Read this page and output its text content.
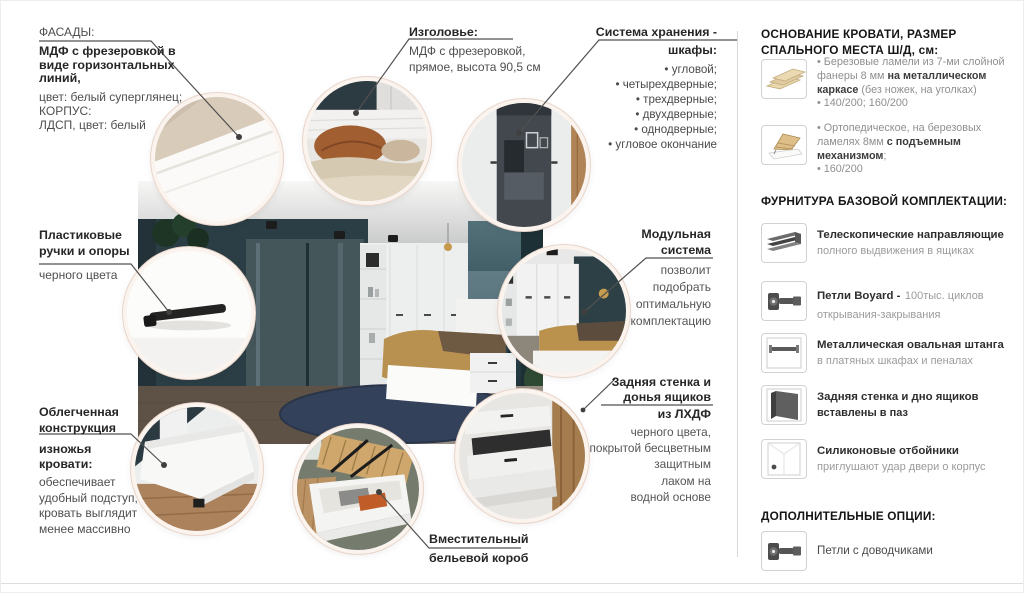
ФАСАДЫ:
МДФ с фрезеровкой в
виде горизонтальных
линий,
цвет: белый суперглянец;
КОРПУС:
ЛДСП, цвет: белый
Пластиковые
ручки и опоры
черного цвета
Облегченная
конструкция
изножья
кровати:
обеспечивает
удобный подступ,
кровать выглядит
менее массивно
Изголовье:
МДФ с фрезеровкой,
прямое, высота 90,5 см
Система хранения -
шкафы:
• угловой;
• четырехдверные;
• трехдверные;
• двухдверные;
• однодверные;
• угловое окончание
Модульная
система
позволит
подобрать
оптимальную
комплектацию
Задняя стенка и
донья ящиков
из ЛХДФ
черного цвета,
покрытой бесцветным
защитным
лаком на
водной основе
Вместительный
бельевой короб
ОСНОВАНИЕ КРОВАТИ, РАЗМЕР СПАЛЬНОГО МЕСТА Ш/Д, см:
• Березовые ламели из 7-ми слойной фанеры 8 мм на металлическом каркасе (без ножек, на уголках)
• 140/200; 160/200
• Ортопедическое, на березовых ламелях 8мм с подъемным механизмом;
• 160/200
ФУРНИТУРА БАЗОВОЙ КОМПЛЕКТАЦИИ:
Телескопические направляющие
полного выдвижения в ящиках
Петли Boyard - 100тыс. циклов открывания-закрывания
Металлическая овальная штанга
в платяных шкафах и пеналах
Задняя стенка и дно ящиков
вставлены в паз
Силиконовые отбойники
приглушают удар двери о корпус
ДОПОЛНИТЕЛЬНЫЕ ОПЦИИ:
Петли с доводчиками
